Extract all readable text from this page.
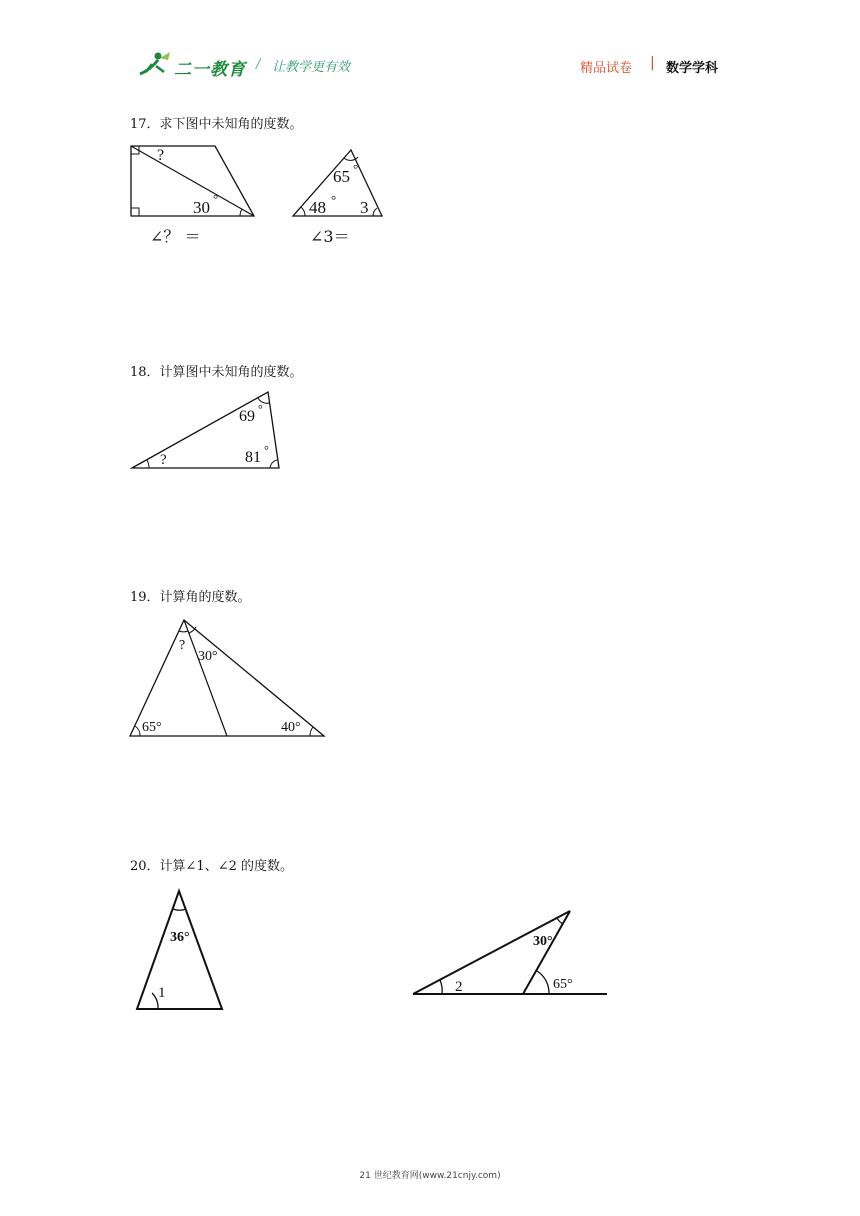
二一教育 / 让教学更有效	精品试卷 | 数学学科
17．求下图中未知角的度数。
?
30 °
∠？ ＝
65 °
48 ° 3
∠3＝
18．计算图中未知角的度数。
69 °
81 °
?
19．计算角的度数。
?
30°
65°	40°
20．计算∠1、∠2 的度数。
36°
1
30°
65°
2
21 世纪教育网(www.21cnjy.com)
